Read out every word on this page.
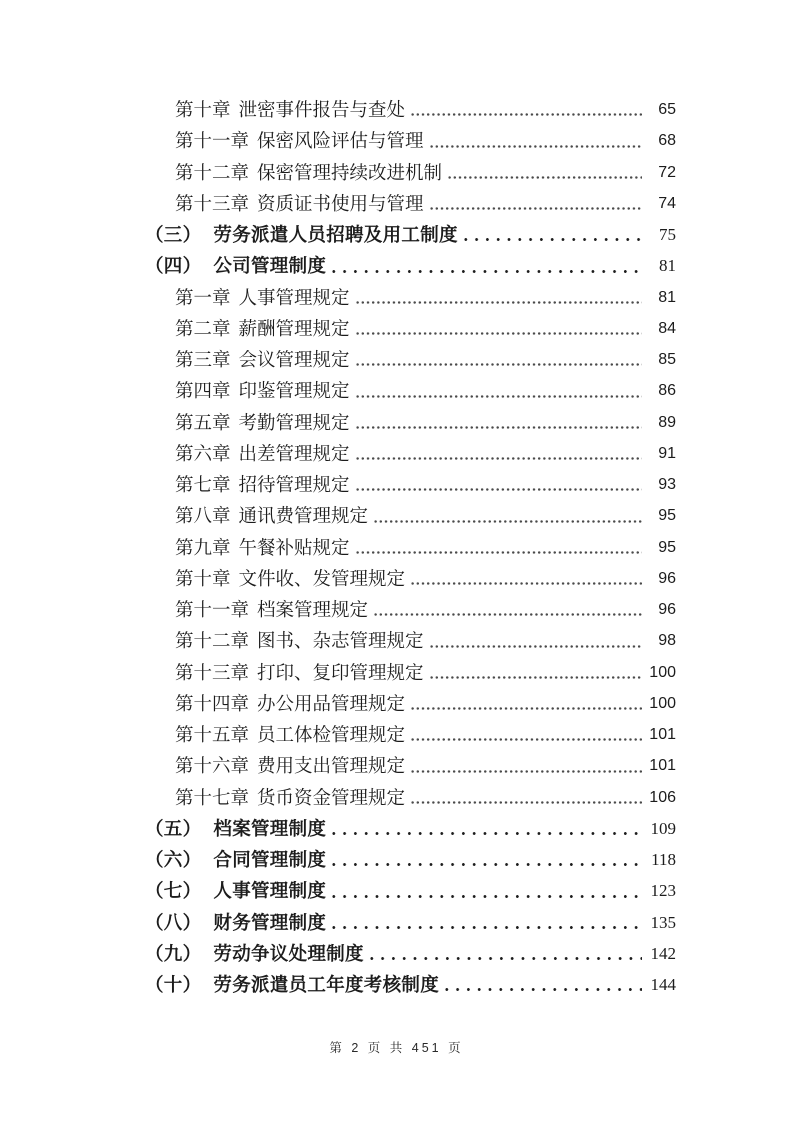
第十章 泄密事件报告与查处	65
第十一章 保密风险评估与管理	68
第十二章 保密管理持续改进机制	72
第十三章 资质证书使用与管理	74
（三） 劳务派遣人员招聘及用工制度	75
（四） 公司管理制度	81
第一章 人事管理规定	81
第二章 薪酬管理规定	84
第三章 会议管理规定	85
第四章 印鉴管理规定	86
第五章 考勤管理规定	89
第六章 出差管理规定	91
第七章 招待管理规定	93
第八章 通讯费管理规定	95
第九章 午餐补贴规定	95
第十章 文件收、发管理规定	96
第十一章 档案管理规定	96
第十二章 图书、杂志管理规定	98
第十三章 打印、复印管理规定	100
第十四章 办公用品管理规定	100
第十五章 员工体检管理规定	101
第十六章 费用支出管理规定	101
第十七章 货币资金管理规定	106
（五） 档案管理制度	109
（六） 合同管理制度	118
（七） 人事管理制度	123
（八） 财务管理制度	135
（九） 劳动争议处理制度	142
（十） 劳务派遣员工年度考核制度	144
第 2 页 共 451 页
